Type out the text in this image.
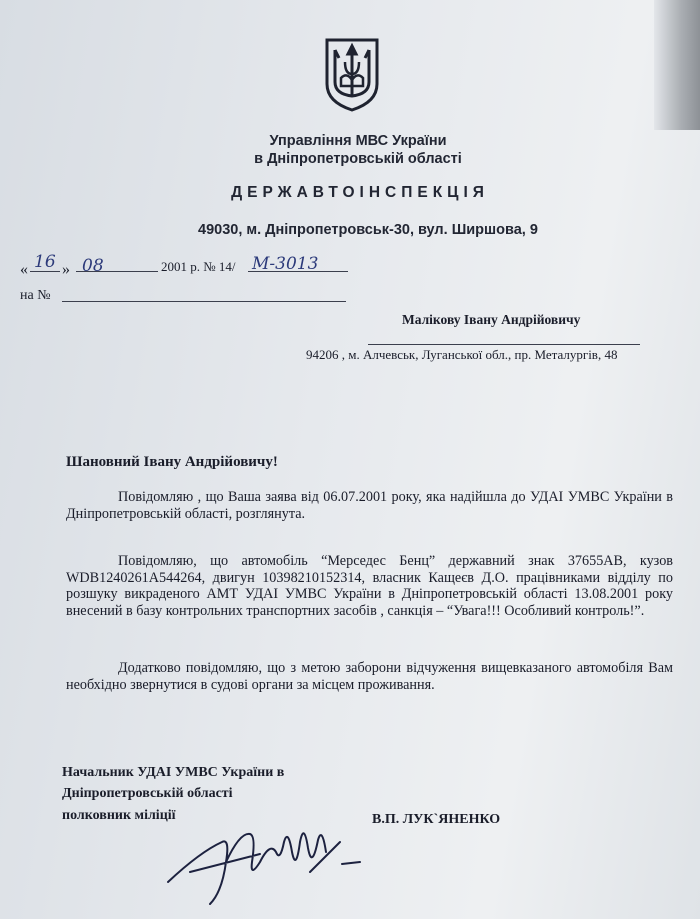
Управління МВС України
в Дніпропетровській області
ДЕРЖАВТОІНСПЕКЦІЯ
49030, м. Дніпропетровськ-30, вул. Ширшова, 9
« 16 » 08	2001 р. № 14/ М-3013
на №
Малікову Івану Андрійовичу
94206 , м. Алчевськ, Луганської обл., пр. Металургів, 48
Шановний Івану Андрійовичу!

Повідомляю , що Ваша заява від 06.07.2001 року, яка надійшла до УДАІ УМВС України в Дніпропетровській області, розглянута.

Повідомляю, що автомобіль “Мерседес Бенц” державний знак 37655АВ, кузов WDB1240261A544264, двигун 10398210152314, власник Кащеєв Д.О. працівниками відділу по розшуку викраденого АМТ УДАІ УМВС України в Дніпропетровській області 13.08.2001 року внесений в базу контрольних транспортних засобів , санкція – “Увага!!! Особливий контроль!”.

Додатково повідомляю, що з метою заборони відчуження вищевказаного автомобіля Вам необхідно звернутися в судові органи за місцем проживання.

Начальник УДАІ УМВС України в
Дніпропетровській області
полковник міліції	В.П. ЛУК`ЯНЕНКО
